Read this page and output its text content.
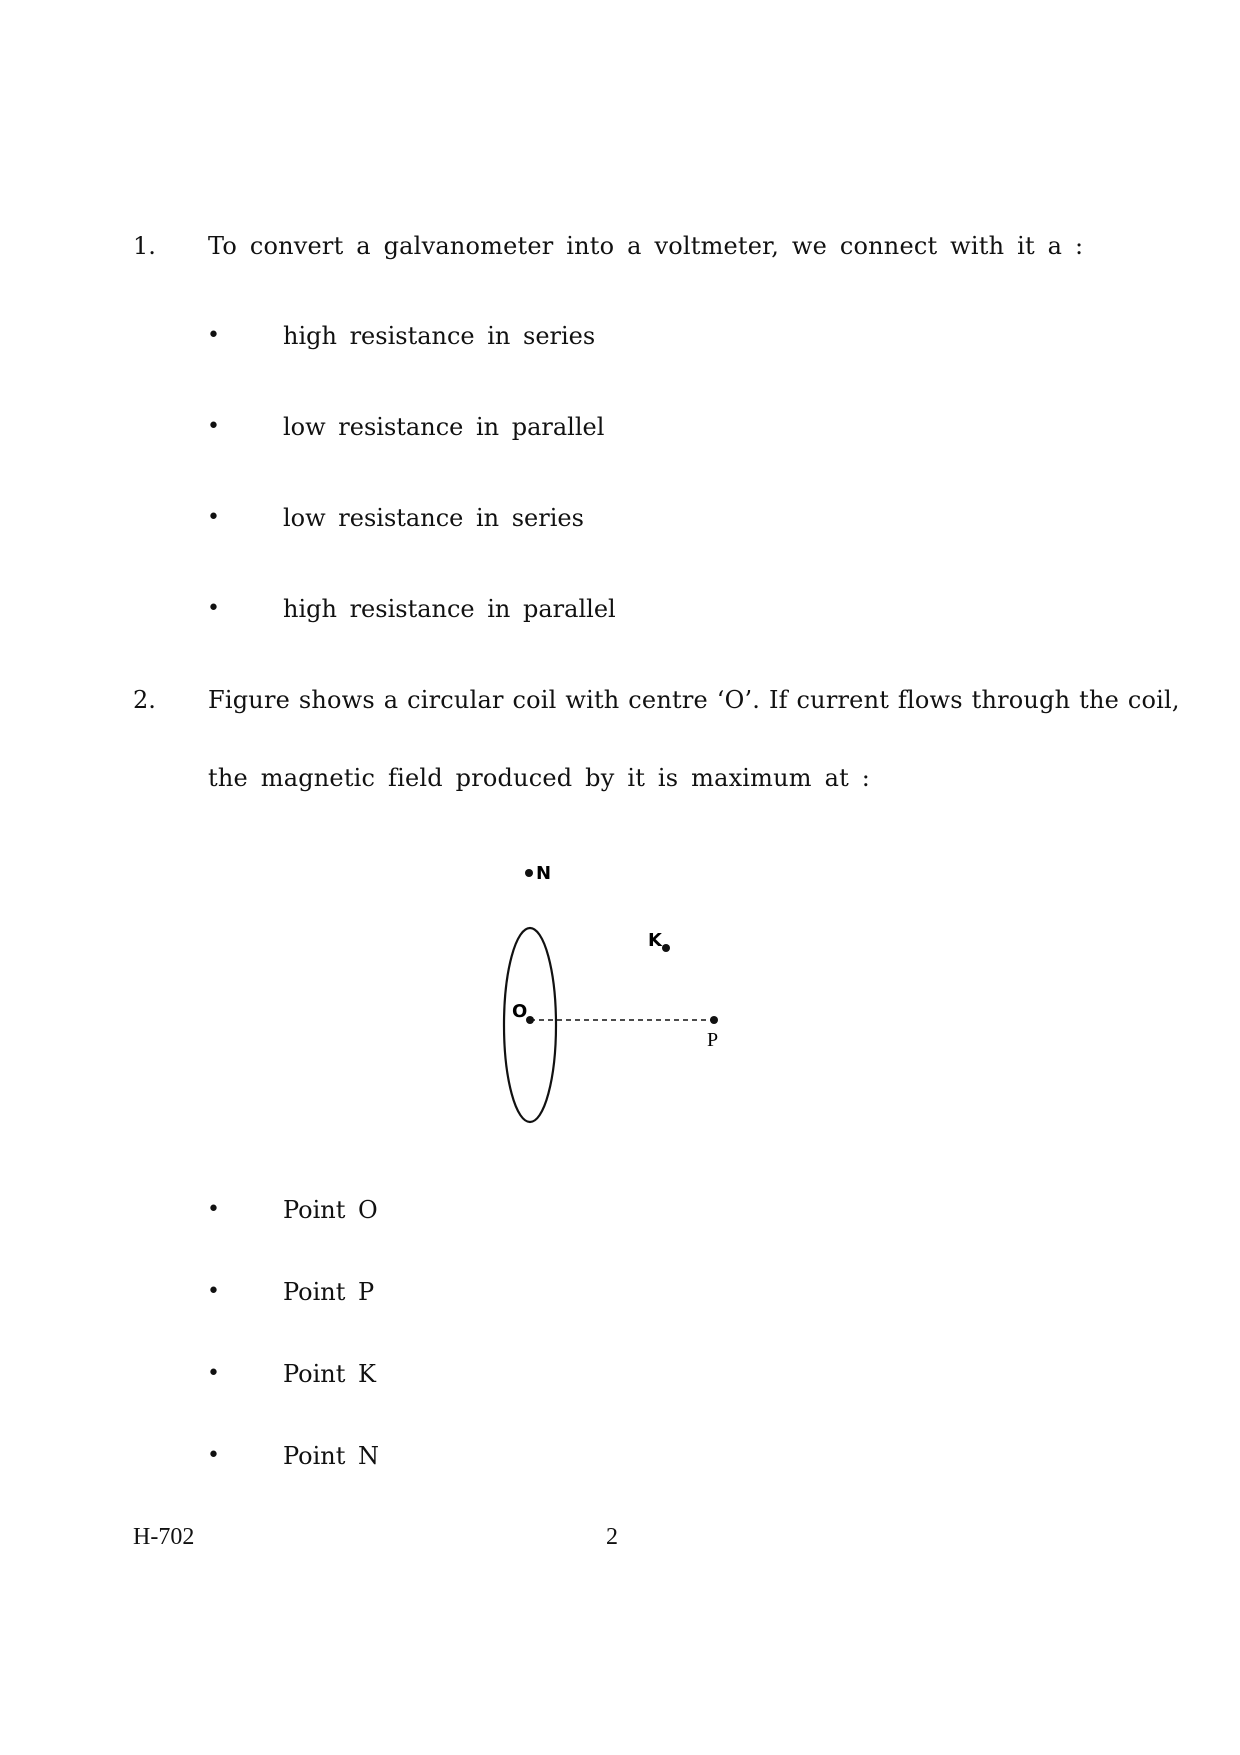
1. To convert a galvanometer into a voltmeter, we connect with it a :
•	high resistance in series
•	low resistance in parallel
•	low resistance in series
•	high resistance in parallel
2. Figure shows a circular coil with centre ‘O’. If current flows through the coil,
the magnetic field produced by it is maximum at :
N
K
O
P
•	Point O
•	Point P
•	Point K
•	Point N
H-702	2
